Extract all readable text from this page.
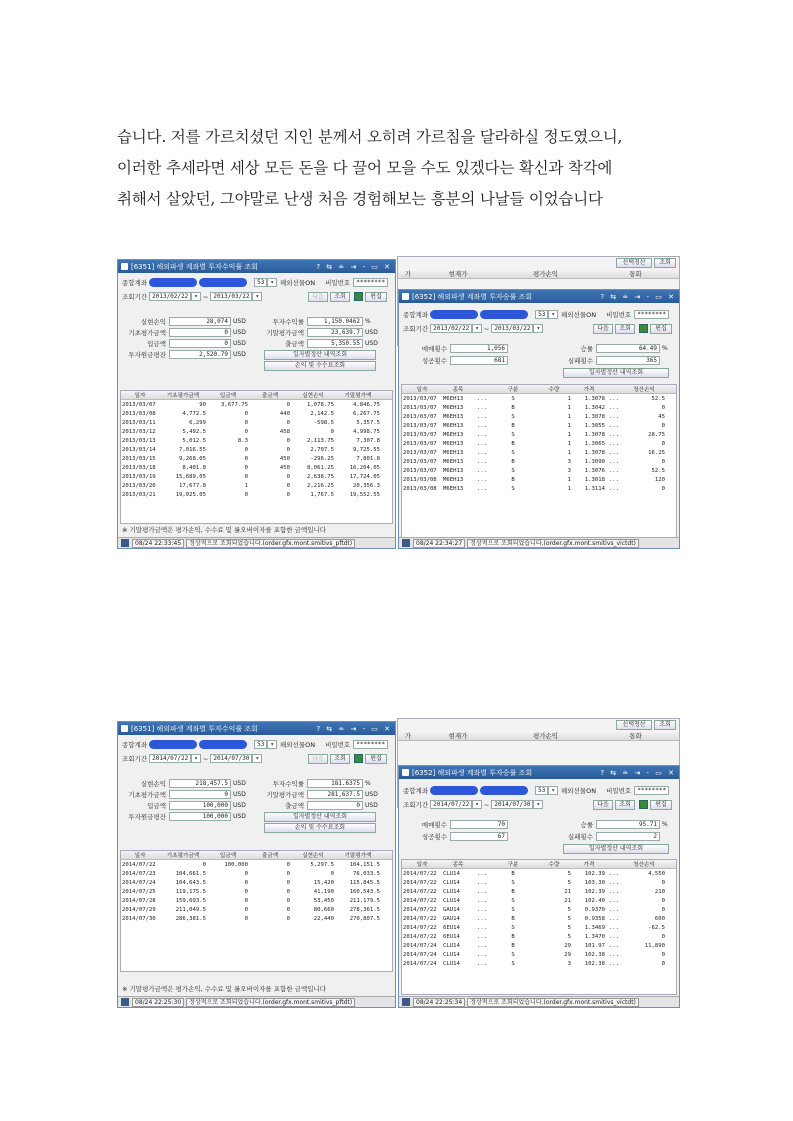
습니다. 저를 가르치셨던 지인 분께서 오히려 가르침을 달라하실 정도였으니,
이러한 추세라면 세상 모든 돈을 다 끌어 모을 수도 있겠다는 확신과 착각에
취해서 살았던, 그야말로 난생 처음 경험해보는 흥분의 나날들 이었습니다
선택청산	조회
가	현재가	평가손익	통화
[6351] 해외파생 계좌별 투자수익률 조회	? ⇆ ≐ ⇥ - ▭ ✕
종합계좌	53	▾ 해외선물ON 비밀번호	********
조회기간 2013/02/22	▾ ~ 2013/03/22	▾	다음	조회	편집
실현손익	28,074 USD
기초평가금액	0 USD
입금액	0 USD
투자원금평잔	2,520.79 USD
투자수익률	1,150.0462 %
기말평가금액	23,639.7 USD
출금액	5,350.55 USD
일자별정산 내역조회
손익 및 수수료조회
일자	기초평가금액	입금액	출금액	실현손익	기말평가액
2013/03/07	90	3,677.75	0	1,078.75	4,846.75
2013/03/08	4,772.5	0	440	2,142.5	6,267.75
2013/03/11	6,299	0	0	-598.5	5,357.5
2013/03/12	5,492.5	0	458	0	4,998.75
2013/03/13	5,012.5	8.3	0	2,113.75	7,307.8
2013/03/14	7,016.55	0	0	2,707.5	9,725.55
2013/03/15	9,268.05	0	450	-296.25	7,801.8
2013/03/18	8,401.8	0	450	8,061.25	16,204.05
2013/03/19	15,689.05	0	0	2,638.75	17,724.05
2013/03/20	17,677.8	1	0	2,216.25	20,356.3
2013/03/21	19,025.05	0	0	1,767.5	19,552.55
※ 기말평가금액은 평가손익, 수수료 및 롤오버이자를 포함한 금액입니다
08/24 22:33:45	정상적으로 조회되었습니다.(order.gfx.mont.smitivs_pftdt)
[6352] 해외파생 계좌별 투자승률 조회	? ⇆ ≐ ⇥ - ▭ ✕
종합계좌	53	▾ 해외선물ON 비밀번호	********
조회기간 2013/02/22	▾ ~ 2013/03/22	▾	다음	조회	편집
매매횟수	1,056
성공횟수	681
승률	64.49 %
실패횟수	365
일자별정산 내역조회
일자	종목	구분	수량	가격	청산손익
2013/03/07	M6EH13	...	S	1	1.3078 ...	52.5
2013/03/07	M6EH13	...	B	1	1.3042 ...	0
2013/03/07	M6EH13	...	S	1	1.3078 ...	45
2013/03/07	M6EH13	...	B	1	1.3055 ...	0
2013/03/07	M6EH13	...	S	1	1.3078 ...	28.75
2013/03/07	M6EH13	...	B	1	1.3065 ...	0
2013/03/07	M6EH13	...	S	1	1.3078 ...	16.25
2013/03/07	M6EH13	...	B	3	1.3090 ...	0
2013/03/07	M6EH13	...	S	3	1.3076 ...	52.5
2013/03/08	M6EH13	...	B	1	1.3018 ...	120
2013/03/08	M6EH13	...	S	1	1.3114 ...	0
08/24 22:34:27	정상적으로 조회되었습니다.(order.gfx.mont.smitivs_victdt)
선택청산	조회
가	현재가	평가손익	통화
[6351] 해외파생 계좌별 투자수익률 조회	? ⇆ ≐ ⇥ - ▭ ✕
종합계좌	53	▾ 해외선물ON 비밀번호	********
조회기간 2014/07/22	▾ ~ 2014/07/30	▾	다음	조회	편집
실현손익	218,457.5 USD
기초평가금액	0 USD
입금액	100,000 USD
투자원금평잔	100,000 USD
투자수익률	181.6375 %
기말평가금액	281,637.5 USD
출금액	0 USD
일자별정산 내역조회
손익 및 수수료조회
일자	기초평가금액	입금액	출금액	실현손익	기말평가액
2014/07/22	0	100,000	0	5,297.5	104,151.5
2014/07/23	104,661.5	0	0	0	76,033.5
2014/07/24	104,643.5	0	0	15,420	115,845.5
2014/07/25	119,175.5	0	0	41,190	160,543.5
2014/07/28	159,693.5	0	0	53,450	211,179.5
2014/07/29	211,049.5	0	0	80,660	278,361.5
2014/07/30	286,381.5	0	0	22,440	270,807.5
※ 기말평가금액은 평가손익, 수수료 및 롤오버이자를 포함한 금액입니다
08/24 22:25:30	정상적으로 조회되었습니다.(order.gfx.mont.smitivs_pftdt)
[6352] 해외파생 계좌별 투자승률 조회	? ⇆ ≐ ⇥ - ▭ ✕
종합계좌	53	▾ 해외선물ON 비밀번호	********
조회기간 2014/07/22	▾ ~ 2014/07/30	▾	다음	조회	편집
매매횟수	70
성공횟수	67
승률	95.71 %
실패횟수	2
일자별정산 내역조회
일자	종목	구분	수량	가격	청산손익
2014/07/22	CLU14	...	B	5	102.39 ...	4,550
2014/07/22	CLU14	...	S	5	103.30 ...	0
2014/07/22	CLU14	...	B	21	102.39 ...	210
2014/07/22	CLU14	...	S	21	102.40 ...	0
2014/07/22	GAU14	...	S	5	0.9370 ...	0
2014/07/22	GAU14	...	B	5	0.9358 ...	600
2014/07/22	6EU14	...	S	5	1.3469 ...	-62.5
2014/07/22	6EU14	...	B	5	1.3470 ...	0
2014/07/24	CLU14	...	B	29	101.97 ...	11,890
2014/07/24	CLU14	...	S	29	102.38 ...	0
2014/07/24	CLU14	...	S	3	102.38 ...	0
08/24 22:25:34	정상적으로 조회되었습니다.(order.gfx.mont.smitivs_victdt)
